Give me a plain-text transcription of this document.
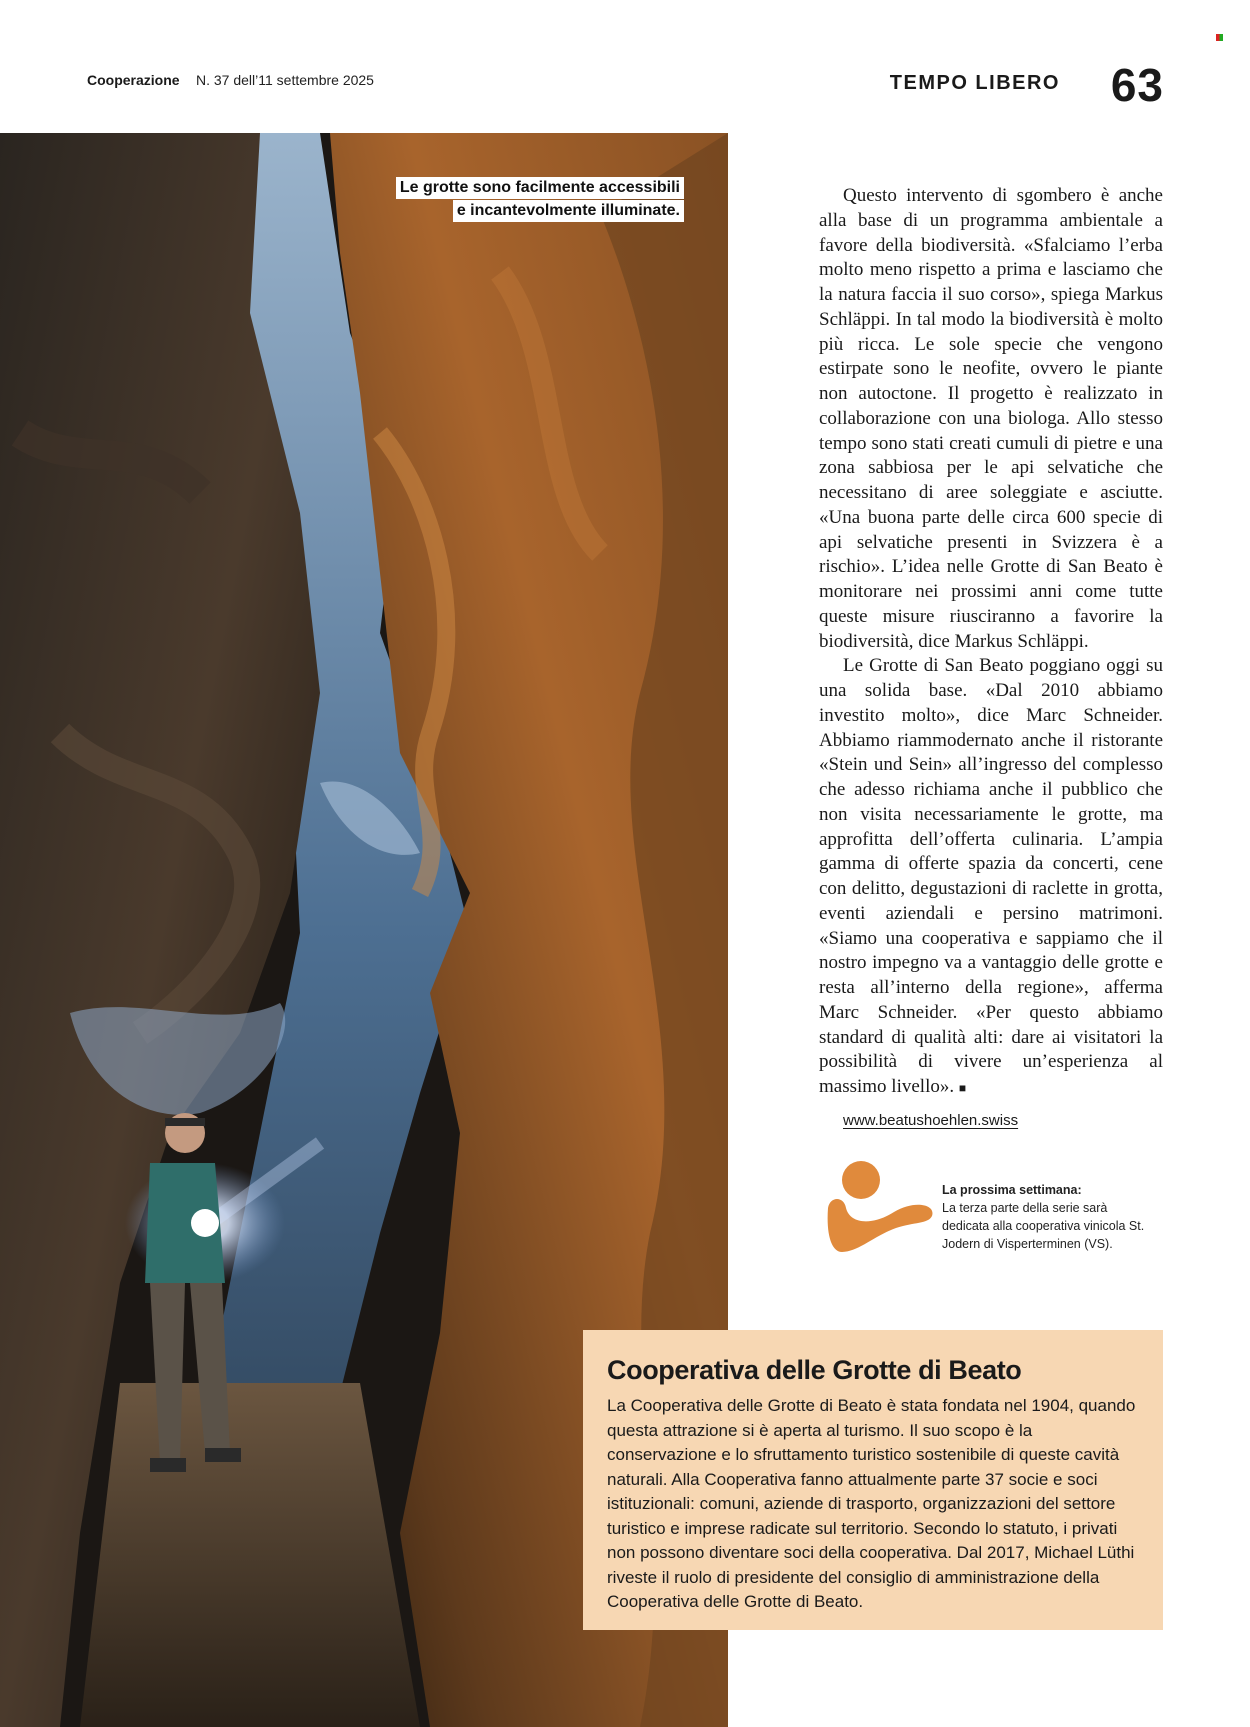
Cooperazione N. 37 dell’11 settembre 2025	TEMPO LIBERO 63
Le grotte sono facilmente accessibili
e incantevolmente illuminate.

Questo intervento di sgombero è anche alla base di un programma ambientale a favore della biodiversità. «Sfalciamo l’erba molto meno rispetto a prima e lasciamo che la natura faccia il suo corso», spiega Markus Schläppi. In tal modo la biodiversità è molto più ricca. Le sole specie che vengono estirpate sono le neofite, ovvero le piante non autoctone. Il progetto è realizzato in collaborazione con una biologa. Allo stesso tempo sono stati creati cumuli di pietre e una zona sabbiosa per le api selvatiche che necessitano di aree soleggiate e asciutte. «Una buona parte delle circa 600 specie di api selvatiche presenti in Svizzera è a rischio». L’idea nelle Grotte di San Beato è monitorare nei prossimi anni come tutte queste misure riusciranno a favorire la biodiversità, dice Markus Schläppi.

Le Grotte di San Beato poggiano oggi su una solida base. «Dal 2010 abbiamo investito molto», dice Marc Schneider. Abbiamo riammodernato anche il ristorante «Stein und Sein» all’ingresso del complesso che adesso richiama anche il pubblico che non visita necessariamente le grotte, ma approfitta dell’offerta culinaria. L’ampia gamma di offerte spazia da concerti, cene con delitto, degustazioni di raclette in grotta, eventi aziendali e persino matrimoni. «Siamo una cooperativa e sappiamo che il nostro impegno va a vantaggio delle grotte e resta all’interno della regione», afferma Marc Schneider. «Per questo abbiamo standard di qualità alti: dare ai visitatori la possibilità di vivere un’esperienza al massimo livello». ■

www.beatushoehlen.swiss

La prossima settimana:
La terza parte della serie sarà dedicata alla cooperativa vinicola St. Jodern di Visperterminen (VS).
Cooperativa delle Grotte di Beato
La Cooperativa delle Grotte di Beato è stata fondata nel 1904, quando questa attrazione si è aperta al turismo. Il suo scopo è la conservazione e lo sfruttamento turistico sostenibile di queste cavità naturali. Alla Cooperativa fanno attualmente parte 37 socie e soci istituzionali: comuni, aziende di trasporto, organizzazioni del settore turistico e imprese radicate sul territorio. Secondo lo statuto, i privati non possono diventare soci della cooperativa. Dal 2017, Michael Lüthi riveste il ruolo di presidente del consiglio di amministrazione della Cooperativa delle Grotte di Beato.
